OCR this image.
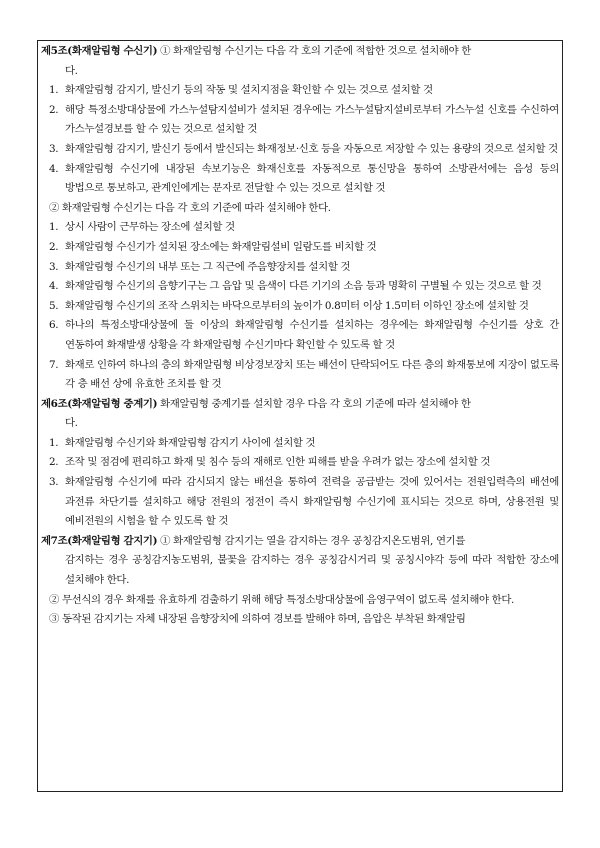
제5조(화재알림형 수신기) ① 화재알림형 수신기는 다음 각 호의 기준에 적합한 것으로 설치해야 한

다.

1. 화재알림형 감지기, 발신기 등의 작동 및 설치지점을 확인할 수 있는 것으로 설치할 것
2. 해당 특정소방대상물에 가스누설탐지설비가 설치된 경우에는 가스누설탐지설비로부터 가스누설 신호를 수신하여 가스누설경보를 할 수 있는 것으로 설치할 것
3. 화재알림형 감지기, 발신기 등에서 발신되는 화재정보·신호 등을 자동으로 저장할 수 있는 용량의 것으로 설치할 것
4. 화재알림형 수신기에 내장된 속보기능은 화재신호를 자동적으로 통신망을 통하여 소방관서에는 음성 등의 방법으로 통보하고, 관계인에게는 문자로 전달할 수 있는 것으로 설치할 것

② 화재알림형 수신기는 다음 각 호의 기준에 따라 설치해야 한다.

1. 상시 사람이 근무하는 장소에 설치할 것
2. 화재알림형 수신기가 설치된 장소에는 화재알림설비 일람도를 비치할 것
3. 화재알림형 수신기의 내부 또는 그 직근에 주음향장치를 설치할 것
4. 화재알림형 수신기의 음향기구는 그 음압 및 음색이 다른 기기의 소음 등과 명확히 구별될 수 있는 것으로 할 것
5. 화재알림형 수신기의 조작 스위치는 바닥으로부터의 높이가 0.8미터 이상 1.5미터 이하인 장소에 설치할 것
6. 하나의 특정소방대상물에 둘 이상의 화재알림형 수신기를 설치하는 경우에는 화재알림형 수신기를 상호 간 연동하여 화재발생 상황을 각 화재알림형 수신기마다 확인할 수 있도록 할 것
7. 화재로 인하여 하나의 층의 화재알림형 비상경보장치 또는 배선이 단락되어도 다른 층의 화재통보에 지장이 없도록 각 층 배선 상에 유효한 조치를 할 것

제6조(화재알림형 중계기) 화재알림형 중계기를 설치할 경우 다음 각 호의 기준에 따라 설치해야 한

다.

1. 화재알림형 수신기와 화재알림형 감지기 사이에 설치할 것
2. 조작 및 점검에 편리하고 화재 및 침수 등의 재해로 인한 피해를 받을 우려가 없는 장소에 설치할 것
3. 화재알림형 수신기에 따라 감시되지 않는 배선을 통하여 전력을 공급받는 것에 있어서는 전원입력측의 배선에 과전류 차단기를 설치하고 해당 전원의 정전이 즉시 화재알림형 수신기에 표시되는 것으로 하며, 상용전원 및 예비전원의 시험을 할 수 있도록 할 것

제7조(화재알림형 감지기) ① 화재알림형 감지기는 열을 감지하는 경우 공칭감지온도범위, 연기를

감지하는 경우 공칭감지농도범위, 불꽃을 감지하는 경우 공칭감시거리 및 공칭시야각 등에 따라 적합한 장소에 설치해야 한다.

② 무선식의 경우 화재를 유효하게 검출하기 위해 해당 특정소방대상물에 음영구역이 없도록 설치해야 한다.

③ 동작된 감지기는 자체 내장된 음향장치에 의하여 경보를 발해야 하며, 음압은 부착된 화재알림
